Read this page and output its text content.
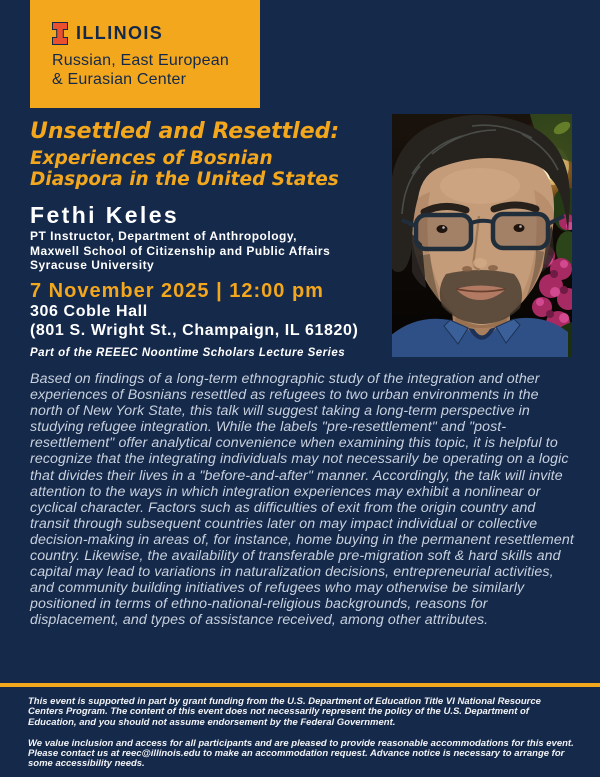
ILLINOIS
Russian, East European
& Eurasian Center
Unsettled and Resettled:
Experiences of Bosnian
Diaspora in the United States
Fethi Keles
PT Instructor, Department of Anthropology,
Maxwell School of Citizenship and Public Affairs
Syracuse University
7 November 2025 | 12:00 pm
306 Coble Hall
(801 S. Wright St., Champaign, IL 61820)
Part of the REEEC Noontime Scholars Lecture Series

Based on findings of a long-term ethnographic study of the integration and other experiences of Bosnians resettled as refugees to two urban environments in the north of New York State, this talk will suggest taking a long-term perspective in studying refugee integration. While the labels "pre-resettlement" and "post-resettlement" offer analytical convenience when examining this topic, it is helpful to recognize that the integrating individuals may not necessarily be operating on a logic that divides their lives in a "before-and-after" manner. Accordingly, the talk will invite attention to the ways in which integration experiences may exhibit a nonlinear or cyclical character. Factors such as difficulties of exit from the origin country and transit through subsequent countries later on may impact individual or collective decision-making in areas of, for instance, home buying in the permanent resettlement country. Likewise, the availability of transferable pre-migration soft & hard skills and capital may lead to variations in naturalization decisions, entrepreneurial activities, and community building initiatives of refugees who may otherwise be similarly positioned in terms of ethno-national-religious backgrounds, reasons for displacement, and types of assistance received, among other attributes.

This event is supported in part by grant funding from the U.S. Department of Education Title VI National Resource Centers Program. The content of this event does not necessarily represent the policy of the U.S. Department of Education, and you should not assume endorsement by the Federal Government.

We value inclusion and access for all participants and are pleased to provide reasonable accommodations for this event. Please contact us at reec@illinois.edu to make an accommodation request. Advance notice is necessary to arrange for some accessibility needs.
